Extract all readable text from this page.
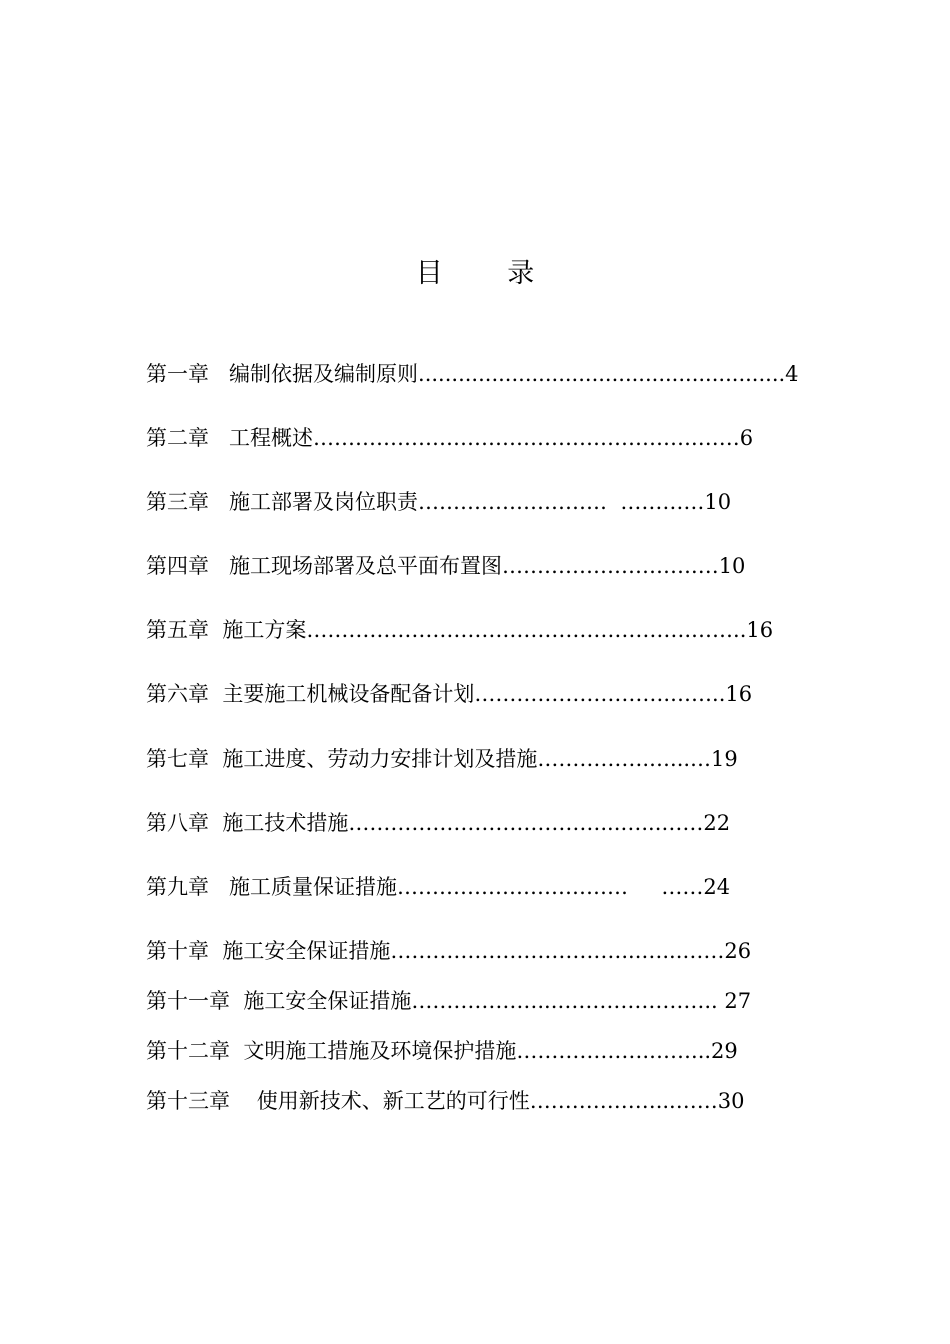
目 录
第一章   编制依据及编制原则.......................................................4
第二章   工程概述……………………………………………….……6
第三章   施工部署及岗位职责………………………  …………10
第四章   施工现场部署及总平面布置图……………………….…10
第五章  施工方案……………………………………………….……..16
第六章  主要施工机械设备配备计划……………………….……..16
第七章  施工进度、劳动力安排计划及措施…………….…...…19
第八章  施工技术措施………………………………...…...……22
第九章   施工质量保证措施……………………………     ……24
第十章  施工安全保证措施……………………………...…...……26
第十一章  施工安全保证措施………………...………………….. 27
第十二章  文明施工措施及环境保护措施……………….……...29
第十三章    使用新技术、新工艺的可行性………………...……30
